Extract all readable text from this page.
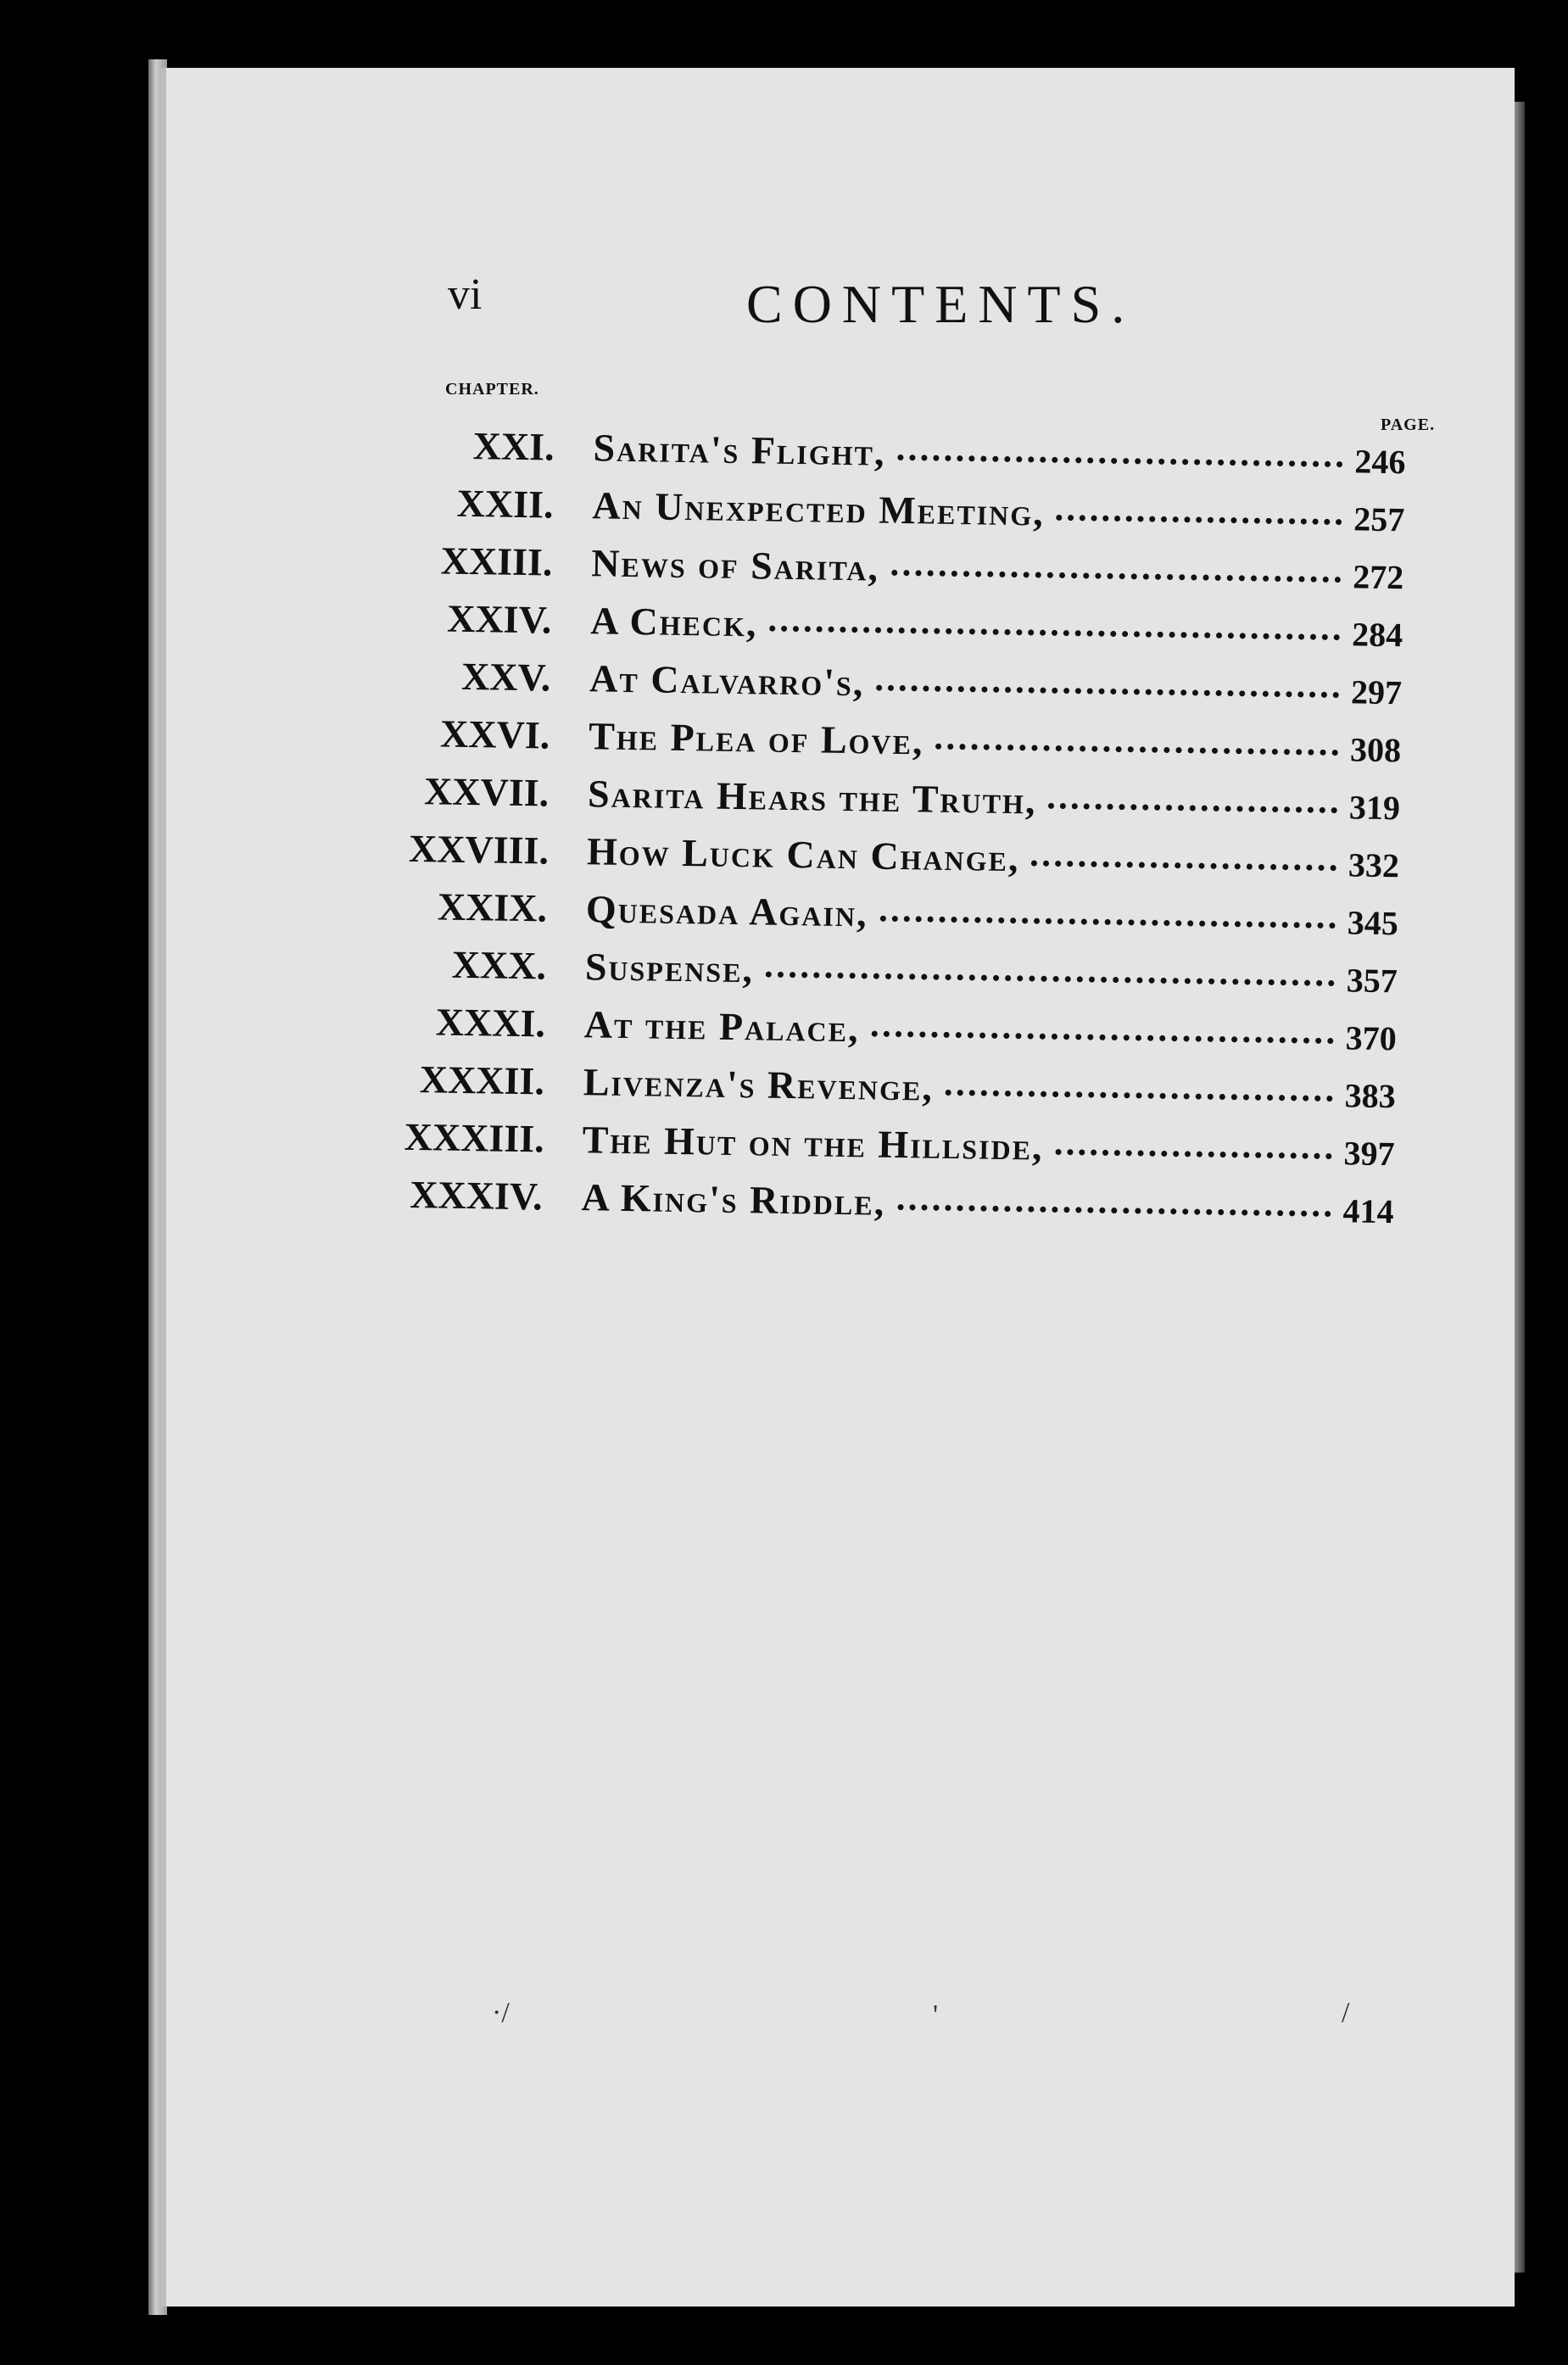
vi	CONTENTS.
CHAPTER.
PAGE.
XXI. Sarita's Flight,	246
XXII. An Unexpected Meeting,	257
XXIII. News of Sarita,	272
XXIV. A Check,	284
XXV. At Calvarro's,	297
XXVI. The Plea of Love,	308
XXVII. Sarita Hears the Truth,	319
XXVIII. How Luck Can Change,	332
XXIX. Quesada Again,	345
XXX. Suspense,	357
XXXI. At the Palace,	370
XXXII. Livenza's Revenge,	383
XXXIII. The Hut on the Hillside,	397
XXXIV. A King's Riddle,	414
·/	'	/
